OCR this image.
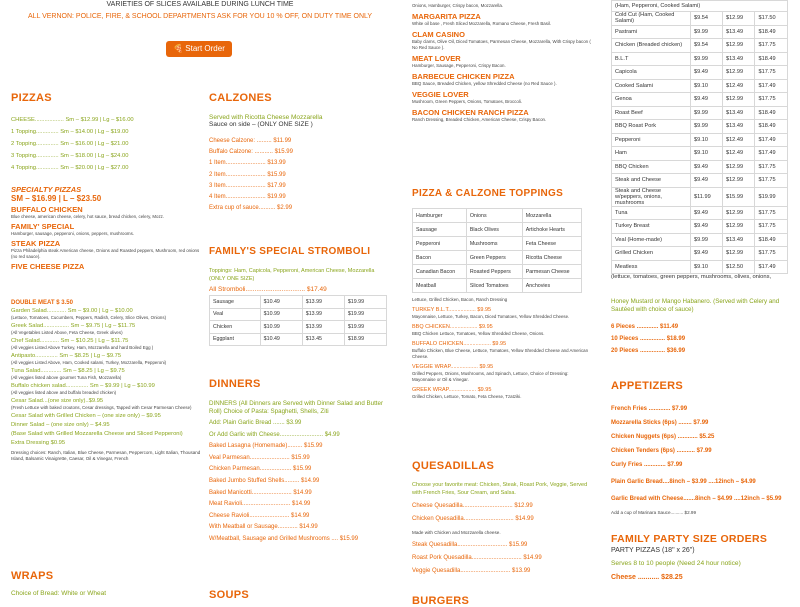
VARIETIES OF SLICES AVAILABLE DURING LUNCH TIME
ALL VERNON: POLICE, FIRE, & SCHOOL DEPARTMENTS ASK FOR YOU 10 % OFF, ON DUTY TIME ONLY
🍕 Start Order
PIZZAS
CHEESE.................. Sm – $12.99 | Lg – $16.00
1 Topping.............. Sm – $14.00 | Lg – $19.00
2 Topping.............. Sm – $16.00 | Lg – $21.00
3 Topping.............. Sm – $18.00 | Lg – $24.00
4 Topping.............. Sm – $20.00 | Lg – $27.00
SPECIALTY PIZZAS
SM – $16.99 | L – $23.50
BUFFALO CHICKEN
Blue cheese, american cheese, celery, hot sauce, bread chicken, celery, Mozz.
FAMILY' SPECIAL
Hamburger, sausage, pepperoni, onions, peppers, mushrooms.
STEAK PIZZA
Pizza Philadelphia steak American cheese, Onions and Roasted peppers, Mushroom, red onions (no red sauce).
FIVE CHEESE PIZZA
DOUBLE MEAT $ 3.50
Garden Salad............ Sm – $9.00 | Lg – $10.00
(Lettuce, Tomatoes, Cucumbers, Peppers, Radish, Celery, Slice Olives, Onions)
Greek Salad................ Sm – $9.75 | Lg – $11.75
(All Vegetables Listed Above, Feta Cheese, Greek olives)
Chef Salad............ Sm – $10.25 | Lg – $11.75
(All veggies Listed Above Turkey, Ham, Mozzarella and hard Boiled Egg )
Antipasto.............. Sm – $8.25 | Lg – $9.75
(All veggies Listed Above, Ham, Cooked salami, Turkey, Mozzarella, Pepperoni)
Tuna Salad............. Sm – $8.25 | Lg – $9.75
(All veggies listed above gourmet Tuna Fish, Mozzarella)
Buffalo chicken salad.............. Sm – $9.99 | Lg – $10.99
(All veggies listed above and buffalo breaded chicken)
Cesar Salad...(one size only)..$9.95
(Fresh Lettuce with baked croutons, Cesar dressings, Tapped with Cesar Parmesan Cheese)
Cesar Salad with Grilled Chicken – (one size only) – $9.95
Dinner Salad – (one size only) – $4.95
(Base Salad with Grilled Mozzarella Cheese and Sliced Pepperoni)
Extra Dressing $0.95
Dressing choices: Ranch, Italian, Blue Cheese, Parmesan, Peppercorn, Light Italian, Thousand Island, Balsamic Vinaigrette, Caesar, Oil & Vinegar, French
WRAPS
Choice of Bread: White or Wheat
CALZONES
Served with Ricotta Cheese Mozzarella
Sauce on side – (ONLY ONE SIZE )
Cheese Calzone: ......... $11.99
Buffalo Calzone: ........... $15.99
1 Item........................ $13.99
2 Item........................ $15.99
3 Item........................ $17.99
4 Item........................ $19.99
Extra cup of sauce.......... $2.99
FAMILY'S SPECIAL STROMBOLI
Toppings: Ham, Capicola, Pepperoni, American Cheese, Mozzarella (ONLY ONE SIZE)
All Stromboli................................. $17.49
Sausage	$10.49	$13.99	$19.99
Veal	$10.99	$13.99	$19.99
Chicken	$10.99	$13.99	$19.99
Eggplant	$10.49	$13.45	$18.99
DINNERS
DINNERS (All Dinners are Served with Dinner Salad and Butter Roll) Choice of Pasta: Spaghetti, Shells, Ziti
Add: Plain Garlic Bread ....... $3.99
Or Add Garlic with Cheese.......................... $4.99
Baked Lasagna (Homemade)......... $15.99
Veal Parmesan........................ $15.99
Chicken Parmesan................... $15.99
Baked Jumbo Stuffed Shells......... $14.99
Baked Manicotti........................ $14.99
Meat Ravioli............................. $14.99
Cheese Ravioli........................ $14.99
With Meatball or Sausage............ $14.99
W/Meatball, Sausage and Grilled Mushrooms .... $15.99
SOUPS
Onions, Hamburger, Crispy bacon, Mozzarella.
MARGARITA PIZZA
White oil base , Fresh Sliced Mozzarella, Romano Cheese, Fresh Basil.
CLAM CASINO
Baby clams, Olive Oil, Diced Tomatoes, Parmesan Cheese, Mozzarella, With Crispy bacon ( No Red Sauce ).
MEAT LOVER
Hamburger, Sausage, Pepperoni, Crispy Bacon.
BARBECUE CHICKEN PIZZA
BBQ Sauce, Breaded Chicken, yellow Shredded Cheese (no Red Sauce ).
VEGGIE LOVER
Mushroom, Green Peppers, Onions, Tomatoes, Broccoli.
BACON CHICKEN RANCH PIZZA
Ranch Dressing, Breaded Chicken, American Cheese, Crispy Bacon.
PIZZA & CALZONE TOPPINGS
Hamburger	Onions	Mozzarella
Sausage	Black Olives	Artichoke Hearts
Pepperoni	Mushrooms	Feta Cheese
Bacon	Green Peppers	Ricotta Cheese
Canadian Bacon	Roasted Peppers	Parmesan Cheese
Meatball	Sliced Tomatoes	Anchovies
Lettuce, Grilled Chicken, Bacon, Ranch Dressing
TURKEY B.L.T.................. $9.95
Mayonnaise, Lettuce, Turkey, Bacon, Diced Tomatoes, Yellow Shredded Cheese.
BBQ CHICKEN.................. $9.95
BBQ Chicken Lettuce, Tomatoes, Yellow Shredded Cheese, Onions.
BUFFALO CHICKEN.................. $9.95
Buffalo Chicken, Blue Cheese, Lettuce, Tomatoes, Yellow Shredded Cheese and American Cheese.
VEGGIE WRAP.................. $9.95
Grilled Peppers, Onions, Mushrooms, and Spinach, Lettuce, Choice of Dressing: Mayonnaise or Oil & Vinegar.
GREEK WRAP.................. $9.95
Grilled Chicken, Lettuce, Tomato, Feta Cheese, Tzatziki.
QUESADILLAS
Choose your favorite meat: Chicken, Steak, Roast Pork, Veggie, Served with French Fries, Sour Cream, and Salsa.
Cheese Quesadilla.............................. $12.99
Chicken Quesadilla.............................. $14.99
Made with Chicken and Mozzarella cheese.
Steak Quesadilla.............................. $15.99
Roast Pork Quesadilla.............................. $14.99
Veggie Quesadilla.............................. $13.99
BURGERS
(Ham, Pepperoni, Cooked Salami)			
Cold Cut (Ham, Cooked Salami)	$9.54	$12.99	$17.50
Pastrami	$9.99	$13.49	$18.49
Chicken (Breaded chicken)	$9.54	$12.99	$17.75
B.L.T	$9.99	$13.49	$18.49
Capicola	$9.49	$12.99	$17.75
Cooked Salami	$9.10	$12.49	$17.49
Genoa	$9.49	$12.99	$17.75
Roast Beef	$9.99	$13.49	$18.49
BBQ Roast Pork	$9.99	$13.49	$18.49
Pepperoni	$9.10	$12.49	$17.49
Ham	$9.10	$12.49	$17.49
BBQ Chicken	$9.49	$12.99	$17.75
Steak and Cheese	$9.49	$12.99	$17.75
Steak and Cheese w/peppers, onions, mushrooms	$11.99	$15.99	$19.99
Tuna	$9.49	$12.99	$17.75
Turkey Breast	$9.49	$12.99	$17.75
Veal (Home-made)	$9.99	$13.49	$18.49
Grilled Chicken	$9.49	$12.99	$17.75
Meatless	$9.10	$12.50	$17.49
(lettuce, tomatoes, green peppers, mushrooms, olives, onions,
Honey Mustard or Mango Habanero. (Served with Celery and Sautéed with choice of sauce)
6 Pieces ............. $11.49
10 Pieces ............... $18.99
20 Pieces ............... $36.99
APPETIZERS
French Fries ............. $7.99
Mozzarella Sticks (6ps) ........ $7.99
Chicken Nuggets (6ps) ............ $5.25
Chicken Tenders (6ps) ........... $7.99
Curly Fries ............. $7.99
Plain Garlic Bread....8inch – $3.99 ....12inch – $4.99
Garlic Bread with Cheese.......8inch – $4.99 ....12inch – $5.99
Add a cup of Marinara Sauce.......... $2.99
FAMILY PARTY SIZE ORDERS
PARTY PIZZAS (18" x 26")
Serves 8 to 10 people (Need 24 hour notice)
Cheese ........... $28.25
